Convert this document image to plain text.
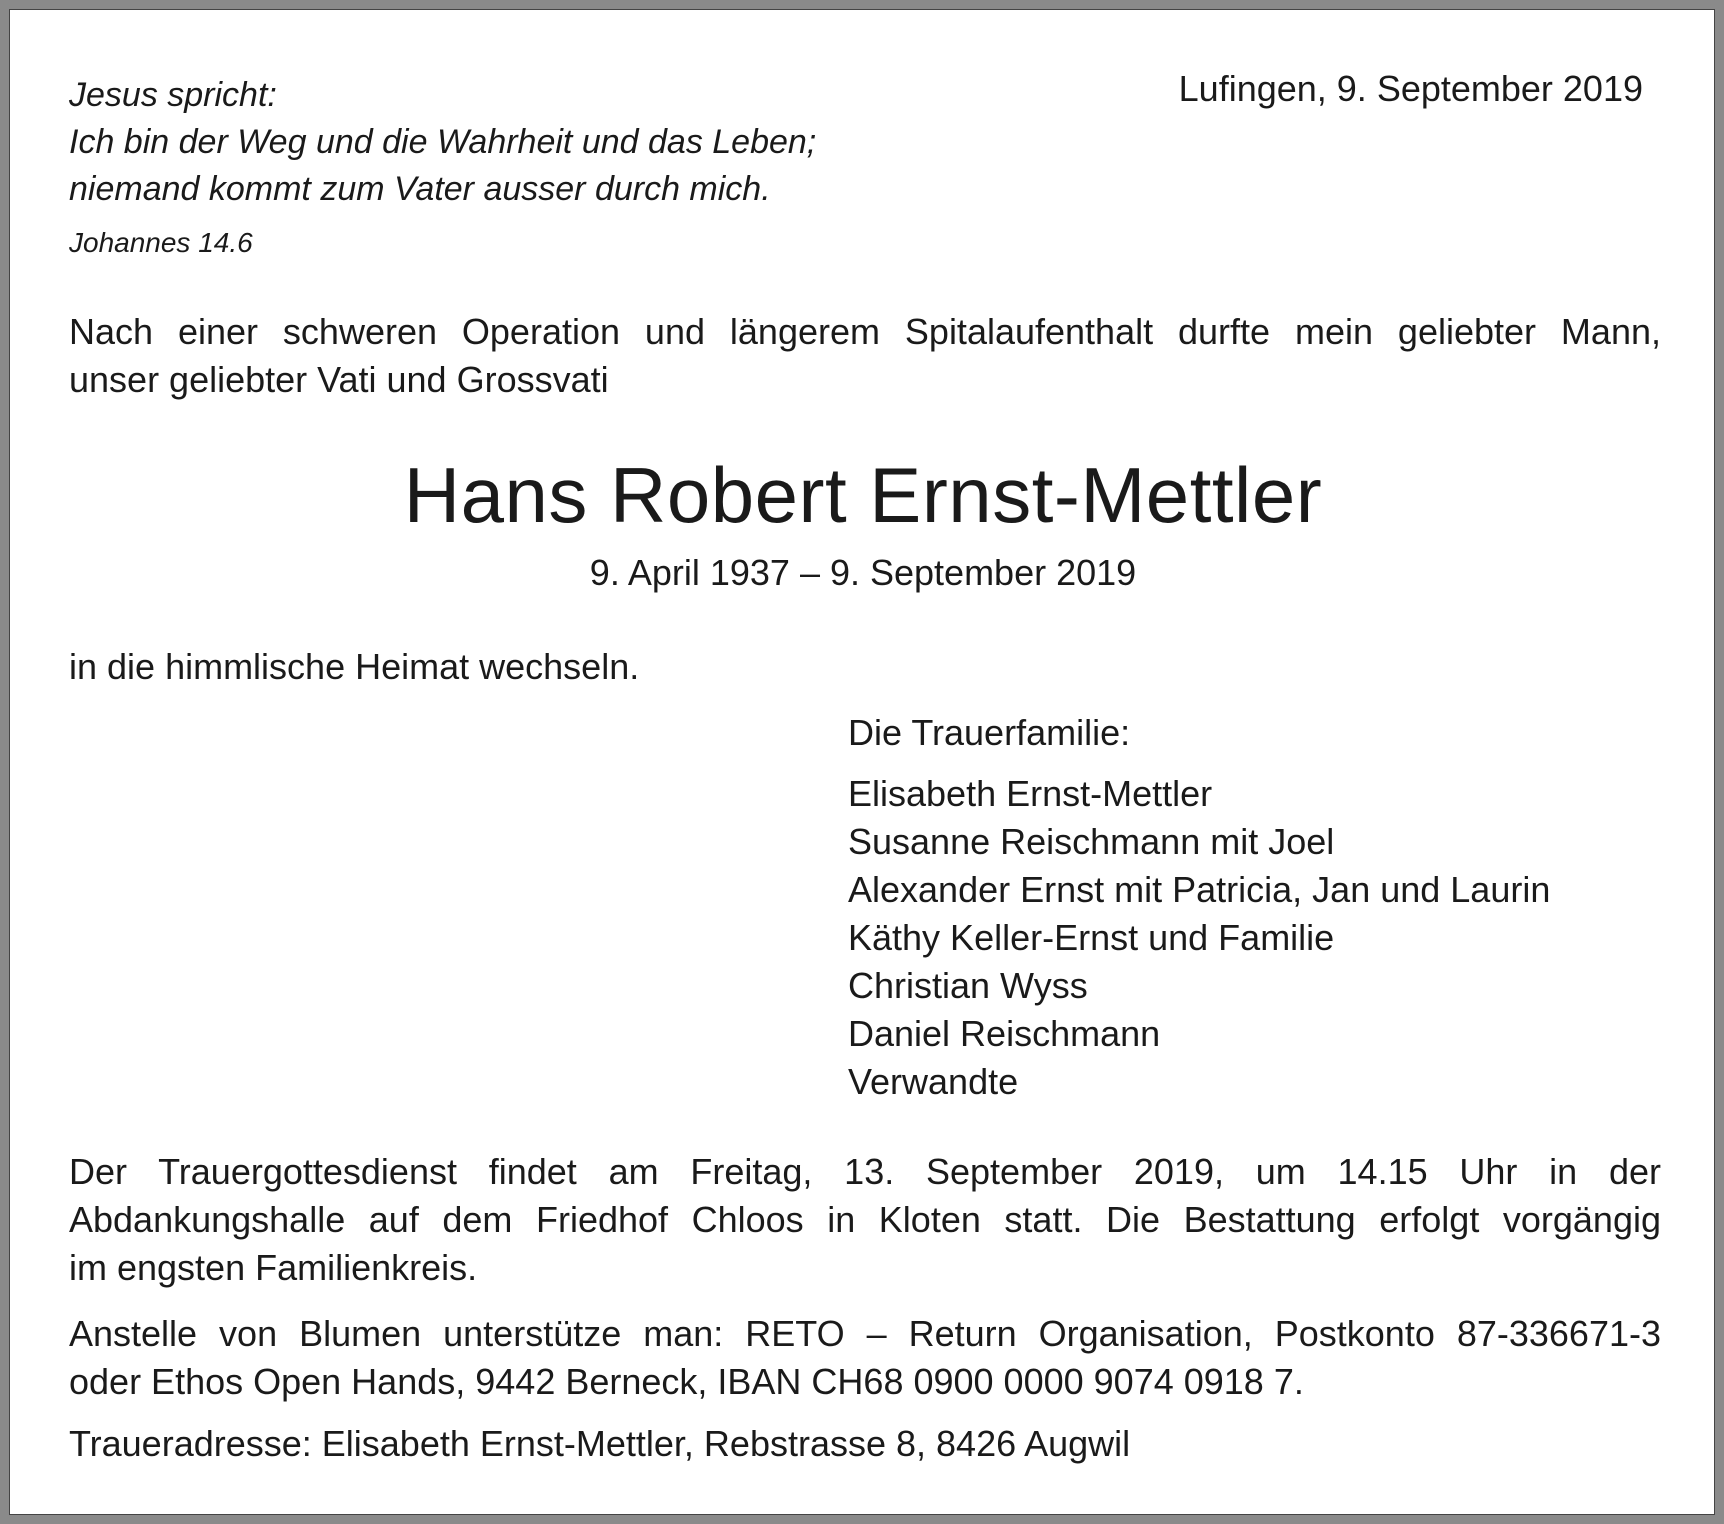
Jesus spricht:
Ich bin der Weg und die Wahrheit und das Leben;
niemand kommt zum Vater ausser durch mich.
Johannes 14.6
Lufingen, 9. September 2019
Nach einer schweren Operation und längerem Spitalaufenthalt durfte mein geliebter Mann,
unser geliebter Vati und Grossvati
Hans Robert Ernst-Mettler
9. April 1937 – 9. September 2019
in die himmlische Heimat wechseln.
Die Trauerfamilie:
Elisabeth Ernst-Mettler
Susanne Reischmann mit Joel
Alexander Ernst mit Patricia, Jan und Laurin
Käthy Keller-Ernst und Familie
Christian Wyss
Daniel Reischmann
Verwandte
Der Trauergottesdienst findet am Freitag, 13. September 2019, um 14.15 Uhr in der
Abdankungshalle auf dem Friedhof Chloos in Kloten statt. Die Bestattung erfolgt vorgängig
im engsten Familienkreis.
Anstelle von Blumen unterstütze man: RETO – Return Organisation, Postkonto 87-336671-3
oder Ethos Open Hands, 9442 Berneck, IBAN CH68 0900 0000 9074 0918 7.
Traueradresse: Elisabeth Ernst-Mettler, Rebstrasse 8, 8426 Augwil
